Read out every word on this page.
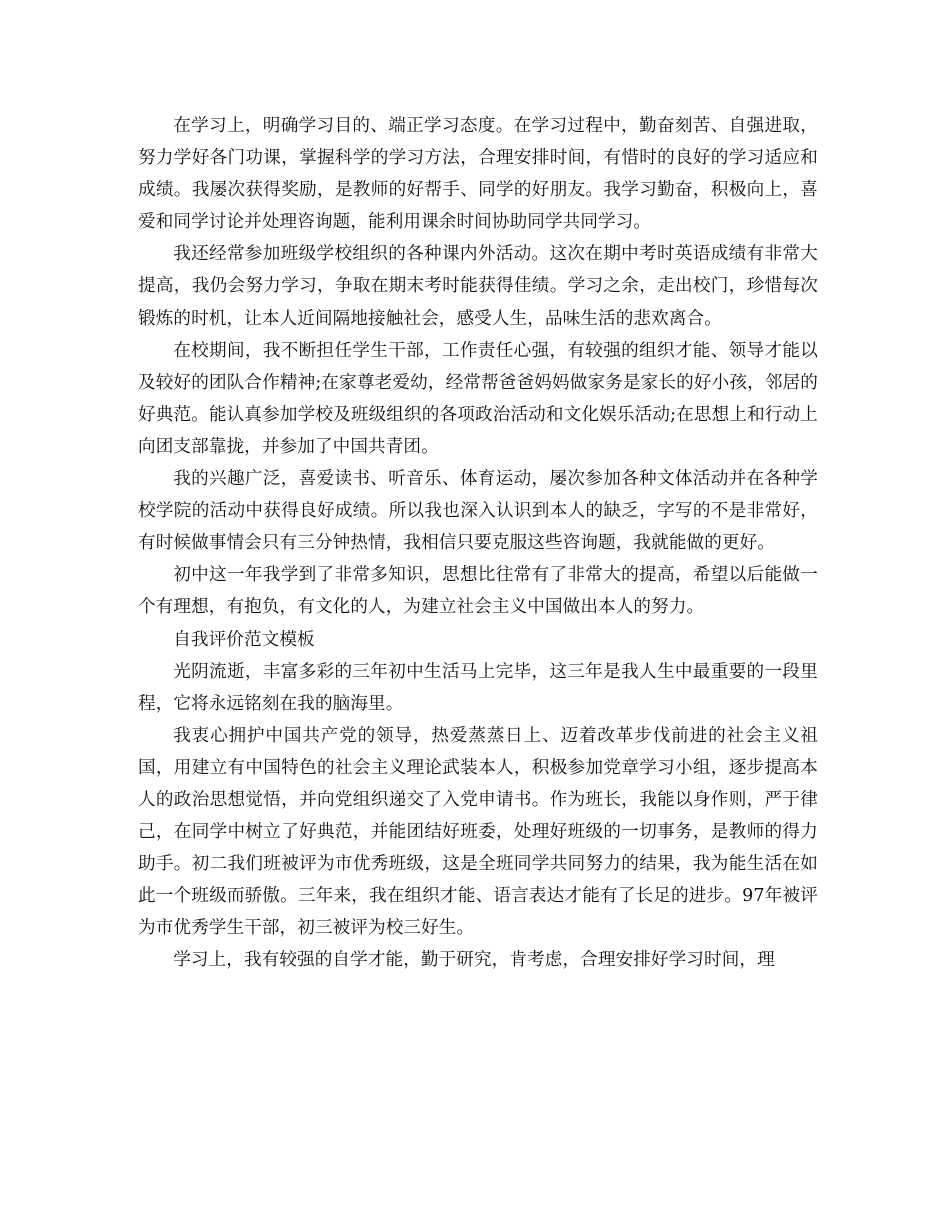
在学习上，明确学习目的、端正学习态度。在学习过程中，勤奋刻苦、自强进取，努力学好各门功课，掌握科学的学习方法，合理安排时间，有惜时的良好的学习适应和成绩。我屡次获得奖励，是教师的好帮手、同学的好朋友。我学习勤奋，积极向上，喜爱和同学讨论并处理咨询题，能利用课余时间协助同学共同学习。

我还经常参加班级学校组织的各种课内外活动。这次在期中考时英语成绩有非常大提高，我仍会努力学习，争取在期末考时能获得佳绩。学习之余，走出校门，珍惜每次锻炼的时机，让本人近间隔地接触社会，感受人生，品味生活的悲欢离合。

在校期间，我不断担任学生干部，工作责任心强，有较强的组织才能、领导才能以及较好的团队合作精神;在家尊老爱幼，经常帮爸爸妈妈做家务是家长的好小孩，邻居的好典范。能认真参加学校及班级组织的各项政治活动和文化娱乐活动;在思想上和行动上向团支部靠拢，并参加了中国共青团。

我的兴趣广泛，喜爱读书、听音乐、体育运动，屡次参加各种文体活动并在各种学校学院的活动中获得良好成绩。所以我也深入认识到本人的缺乏，字写的不是非常好，有时候做事情会只有三分钟热情，我相信只要克服这些咨询题，我就能做的更好。

初中这一年我学到了非常多知识，思想比往常有了非常大的提高，希望以后能做一个有理想，有抱负，有文化的人，为建立社会主义中国做出本人的努力。

自我评价范文模板

光阴流逝，丰富多彩的三年初中生活马上完毕，这三年是我人生中最重要的一段里程，它将永远铭刻在我的脑海里。

我衷心拥护中国共产党的领导，热爱蒸蒸日上、迈着改革步伐前进的社会主义祖国，用建立有中国特色的社会主义理论武装本人，积极参加党章学习小组，逐步提高本人的政治思想觉悟，并向党组织递交了入党申请书。作为班长，我能以身作则，严于律己，在同学中树立了好典范，并能团结好班委，处理好班级的一切事务，是教师的得力助手。初二我们班被评为市优秀班级，这是全班同学共同努力的结果，我为能生活在如此一个班级而骄傲。三年来，我在组织才能、语言表达才能有了长足的进步。97年被评为市优秀学生干部，初三被评为校三好生。

学习上，我有较强的自学才能，勤于研究，肯考虑，合理安排好学习时间，理
